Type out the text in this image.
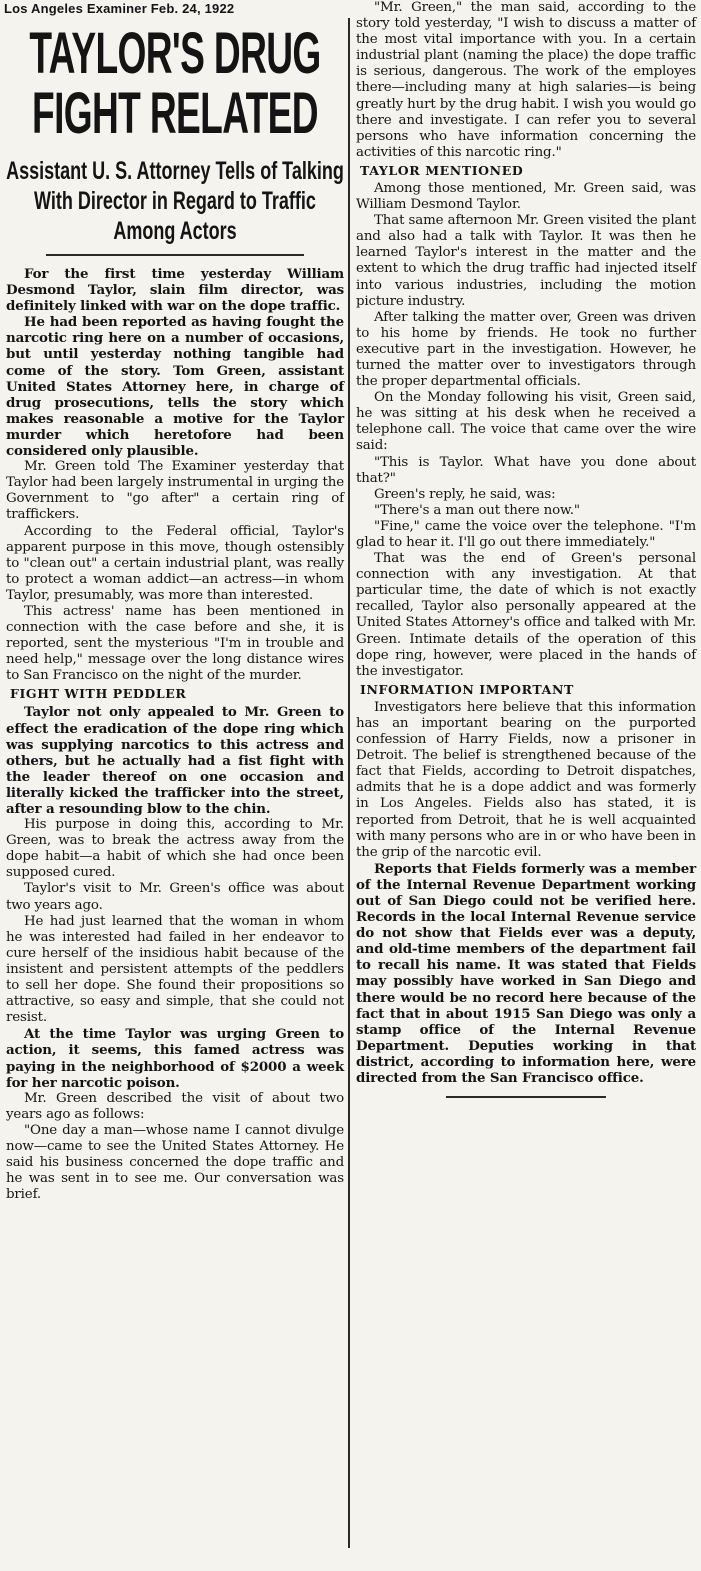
Los Angeles Examiner Feb. 24, 1922
TAYLOR'S DRUG
FIGHT RELATED
Assistant U. S. Attorney Tells of Talking With Director in Regard to Traffic Among Actors

For the first time yesterday William Desmond Taylor, slain film director, was definitely linked with war on the dope traffic.

He had been reported as having fought the narcotic ring here on a number of occasions, but until yesterday nothing tangible had come of the story. Tom Green, assistant United States Attorney here, in charge of drug prosecutions, tells the story which makes reasonable a motive for the Taylor murder which heretofore had been considered only plausible.

Mr. Green told The Examiner yesterday that Taylor had been largely instrumental in urging the Government to "go after" a certain ring of traffickers.

According to the Federal official, Taylor's apparent purpose in this move, though ostensibly to "clean out" a certain industrial plant, was really to protect a woman addict—an actress—in whom Taylor, presumably, was more than interested.

This actress' name has been mentioned in connection with the case before and she, it is reported, sent the mysterious "I'm in trouble and need help," message over the long distance wires to San Francisco on the night of the murder.

FIGHT WITH PEDDLER

Taylor not only appealed to Mr. Green to effect the eradication of the dope ring which was supplying narcotics to this actress and others, but he actually had a fist fight with the leader thereof on one occasion and literally kicked the trafficker into the street, after a resounding blow to the chin.

His purpose in doing this, according to Mr. Green, was to break the actress away from the dope habit—a habit of which she had once been supposed cured.

Taylor's visit to Mr. Green's office was about two years ago.

He had just learned that the woman in whom he was interested had failed in her endeavor to cure herself of the insidious habit because of the insistent and persistent attempts of the peddlers to sell her dope. She found their propositions so attractive, so easy and simple, that she could not resist.

At the time Taylor was urging Green to action, it seems, this famed actress was paying in the neighborhood of $2000 a week for her narcotic poison.

Mr. Green described the visit of about two years ago as follows:

"One day a man—whose name I cannot divulge now—came to see the United States Attorney. He said his business concerned the dope traffic and he was sent in to see me. Our conversation was brief.

"Mr. Green," the man said, according to the story told yesterday, "I wish to discuss a matter of the most vital importance with you. In a certain industrial plant (naming the place) the dope traffic is serious, dangerous. The work of the employes there—including many at high salaries—is being greatly hurt by the drug habit. I wish you would go there and investigate. I can refer you to several persons who have information concerning the activities of this narcotic ring."

TAYLOR MENTIONED

Among those mentioned, Mr. Green said, was William Desmond Taylor.

That same afternoon Mr. Green visited the plant and also had a talk with Taylor. It was then he learned Taylor's interest in the matter and the extent to which the drug traffic had injected itself into various industries, including the motion picture industry.

After talking the matter over, Green was driven to his home by friends. He took no further executive part in the investigation. However, he turned the matter over to investigators through the proper departmental officials.

On the Monday following his visit, Green said, he was sitting at his desk when he received a telephone call. The voice that came over the wire said:

"This is Taylor. What have you done about that?"

Green's reply, he said, was:

"There's a man out there now."

"Fine," came the voice over the telephone. "I'm glad to hear it. I'll go out there immediately."

That was the end of Green's personal connection with any investigation. At that particular time, the date of which is not exactly recalled, Taylor also personally appeared at the United States Attorney's office and talked with Mr. Green. Intimate details of the operation of this dope ring, however, were placed in the hands of the investigator.

INFORMATION IMPORTANT

Investigators here believe that this information has an important bearing on the purported confession of Harry Fields, now a prisoner in Detroit. The belief is strengthened because of the fact that Fields, according to Detroit dispatches, admits that he is a dope addict and was formerly in Los Angeles. Fields also has stated, it is reported from Detroit, that he is well acquainted with many persons who are in or who have been in the grip of the narcotic evil.

Reports that Fields formerly was a member of the Internal Revenue Department working out of San Diego could not be verified here. Records in the local Internal Revenue service do not show that Fields ever was a deputy, and old-time members of the department fail to recall his name. It was stated that Fields may possibly have worked in San Diego and there would be no record here because of the fact that in about 1915 San Diego was only a stamp office of the Internal Revenue Department. Deputies working in that district, according to information here, were directed from the San Francisco office.
